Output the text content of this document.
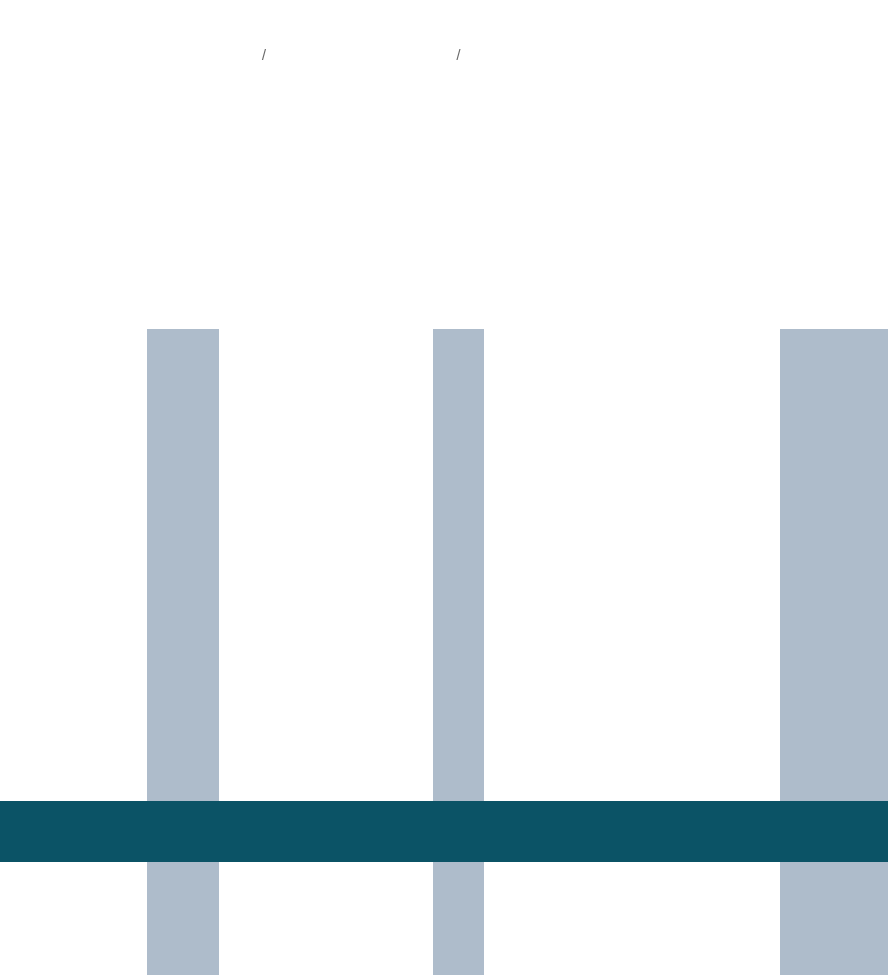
/	/
